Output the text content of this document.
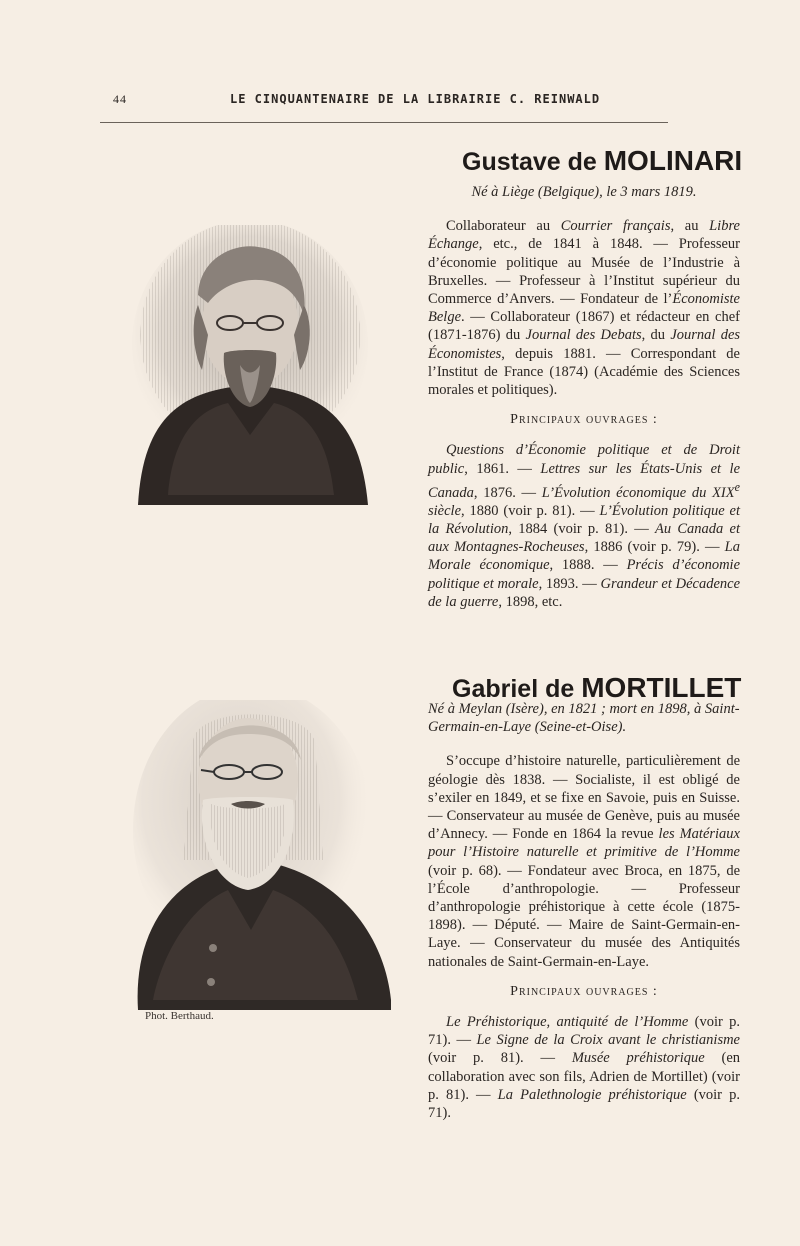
44	LE CINQUANTENAIRE DE LA LIBRAIRIE C. REINWALD
Gustave de MOLINARI

Né à Liège (Belgique), le 3 mars 1819.

Collaborateur au Courrier français, au Libre Échange, etc., de 1841 à 1848. — Professeur d’économie politique au Musée de l’Industrie à Bruxelles. — Professeur à l’Institut supérieur du Commerce d’Anvers. — Fondateur de l’Économiste Belge. — Collaborateur (1867) et rédacteur en chef (1871-1876) du Journal des Debats, du Journal des Économistes, depuis 1881. — Correspondant de l’Institut de France (1874) (Académie des Sciences morales et politiques).

Principaux ouvrages :

Questions d’Économie politique et de Droit public, 1861. — Lettres sur les États-Unis et le Canada, 1876. — L’Évolution économique du XIXe siècle, 1880 (voir p. 81). — L’Évolution politique et la Révolution, 1884 (voir p. 81). — Au Canada et aux Montagnes-Rocheuses, 1886 (voir p. 79). — La Morale économique, 1888. — Précis d’économie politique et morale, 1893. — Grandeur et Décadence de la guerre, 1898, etc.

Gabriel de MORTILLET
Phot. Berthaud.

Né à Meylan (Isère), en 1821 ; mort en 1898, à Saint-Germain-en-Laye (Seine-et-Oise).

S’occupe d’histoire naturelle, particulièrement de géologie dès 1838. — Socialiste, il est obligé de s’exiler en 1849, et se fixe en Savoie, puis en Suisse. — Conservateur au musée de Genève, puis au musée d’Annecy. — Fonde en 1864 la revue les Matériaux pour l’Histoire naturelle et primitive de l’Homme (voir p. 68). — Fondateur avec Broca, en 1875, de l’École d’anthropologie. — Professeur d’anthropologie préhistorique à cette école (1875-1898). — Député. — Maire de Saint-Germain-en-Laye. — Conservateur du musée des Antiquités nationales de Saint-Germain-en-Laye.

Principaux ouvrages :

Le Préhistorique, antiquité de l’Homme (voir p. 71). — Le Signe de la Croix avant le christianisme (voir p. 81). — Musée préhistorique (en collaboration avec son fils, Adrien de Mortillet) (voir p. 81). — La Palethnologie préhistorique (voir p. 71).
